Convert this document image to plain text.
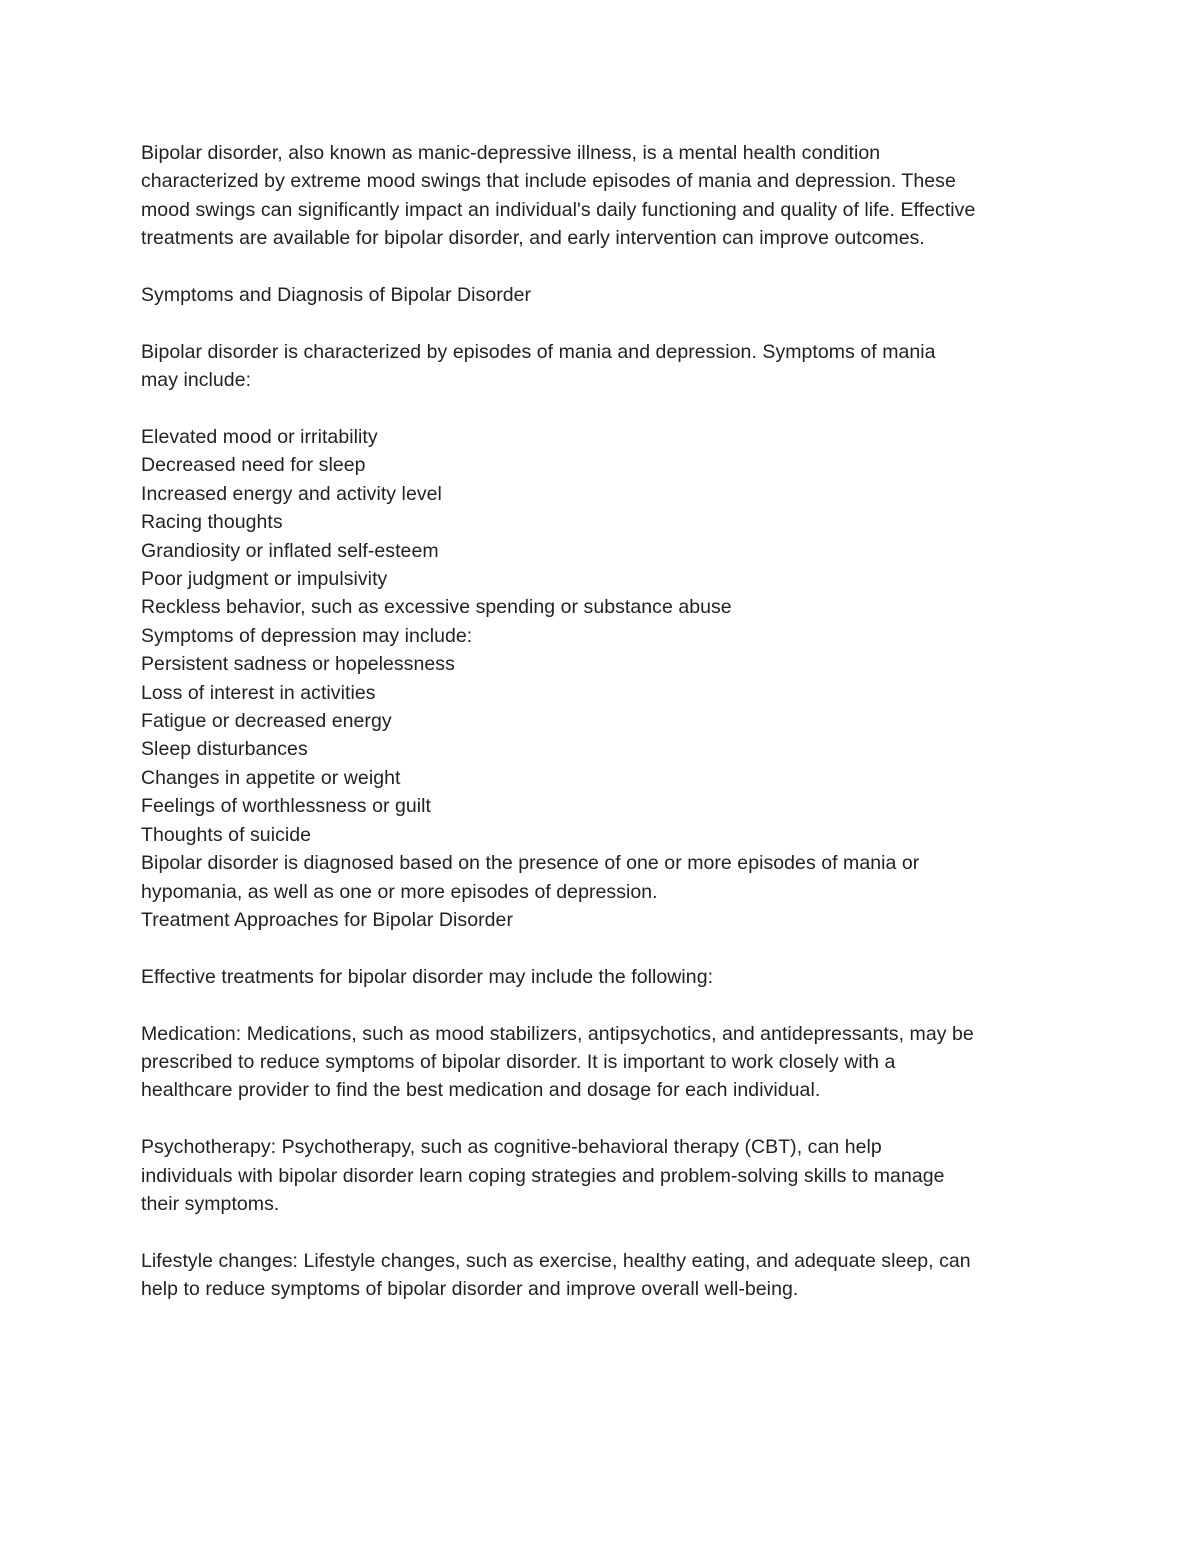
Bipolar disorder, also known as manic-depressive illness, is a mental health condition
characterized by extreme mood swings that include episodes of mania and depression. These
mood swings can significantly impact an individual's daily functioning and quality of life. Effective
treatments are available for bipolar disorder, and early intervention can improve outcomes.

Symptoms and Diagnosis of Bipolar Disorder

Bipolar disorder is characterized by episodes of mania and depression. Symptoms of mania
may include:

Elevated mood or irritability
Decreased need for sleep
Increased energy and activity level
Racing thoughts
Grandiosity or inflated self-esteem
Poor judgment or impulsivity
Reckless behavior, such as excessive spending or substance abuse
Symptoms of depression may include:
Persistent sadness or hopelessness
Loss of interest in activities
Fatigue or decreased energy
Sleep disturbances
Changes in appetite or weight
Feelings of worthlessness or guilt
Thoughts of suicide
Bipolar disorder is diagnosed based on the presence of one or more episodes of mania or
hypomania, as well as one or more episodes of depression.
Treatment Approaches for Bipolar Disorder

Effective treatments for bipolar disorder may include the following:

Medication: Medications, such as mood stabilizers, antipsychotics, and antidepressants, may be
prescribed to reduce symptoms of bipolar disorder. It is important to work closely with a
healthcare provider to find the best medication and dosage for each individual.

Psychotherapy: Psychotherapy, such as cognitive-behavioral therapy (CBT), can help
individuals with bipolar disorder learn coping strategies and problem-solving skills to manage
their symptoms.

Lifestyle changes: Lifestyle changes, such as exercise, healthy eating, and adequate sleep, can
help to reduce symptoms of bipolar disorder and improve overall well-being.
